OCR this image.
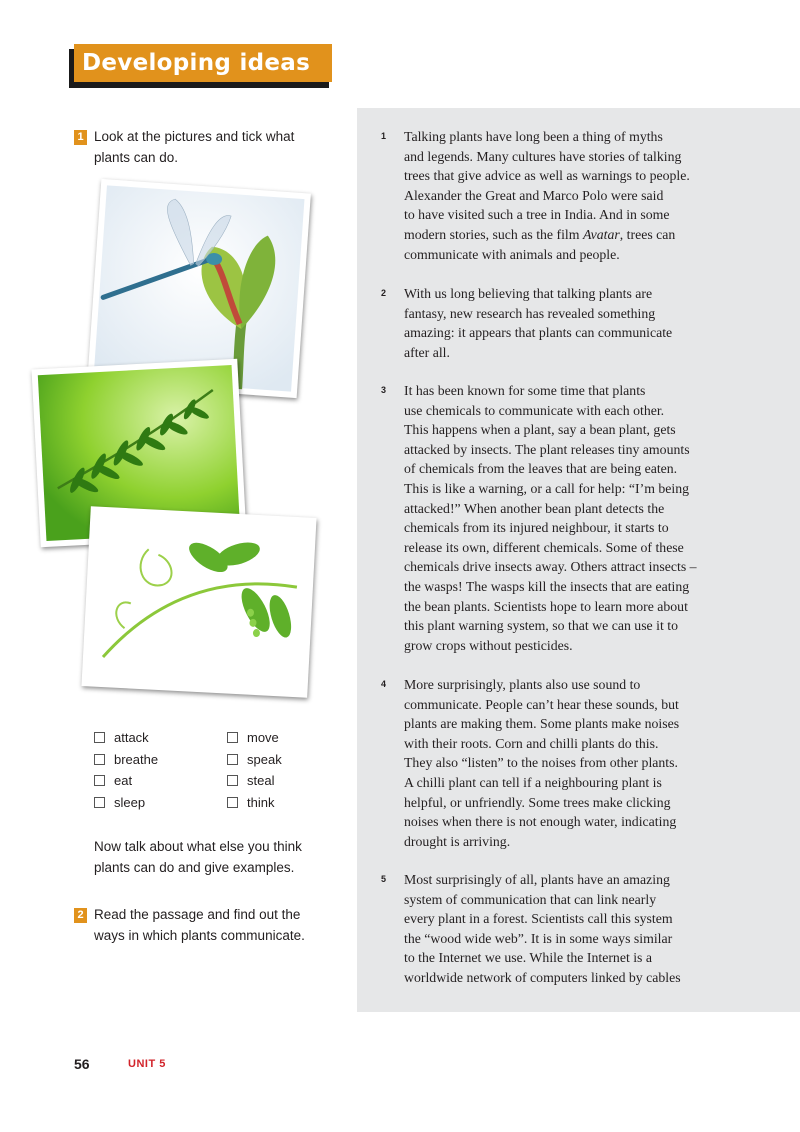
Developing ideas
1 Look at the pictures and tick what
plants can do.
attack
breathe
eat
sleep
move
speak
steal
think
Now talk about what else you think
plants can do and give examples.
2 Read the passage and find out the
ways in which plants communicate.
1 Talking plants have long been a thing of myths
and legends. Many cultures have stories of talking
trees that give advice as well as warnings to people.
Alexander the Great and Marco Polo were said
to have visited such a tree in India. And in some
modern stories, such as the film Avatar, trees can
communicate with animals and people.
2 With us long believing that talking plants are
fantasy, new research has revealed something
amazing: it appears that plants can communicate
after all.
3 It has been known for some time that plants
use chemicals to communicate with each other.
This happens when a plant, say a bean plant, gets
attacked by insects. The plant releases tiny amounts
of chemicals from the leaves that are being eaten.
This is like a warning, or a call for help: “I’m being
attacked!” When another bean plant detects the
chemicals from its injured neighbour, it starts to
release its own, different chemicals. Some of these
chemicals drive insects away. Others attract insects –
the wasps! The wasps kill the insects that are eating
the bean plants. Scientists hope to learn more about
this plant warning system, so that we can use it to
grow crops without pesticides.
4 More surprisingly, plants also use sound to
communicate. People can’t hear these sounds, but
plants are making them. Some plants make noises
with their roots. Corn and chilli plants do this.
They also “listen” to the noises from other plants.
A chilli plant can tell if a neighbouring plant is
helpful, or unfriendly. Some trees make clicking
noises when there is not enough water, indicating
drought is arriving.
5 Most surprisingly of all, plants have an amazing
system of communication that can link nearly
every plant in a forest. Scientists call this system
the “wood wide web”. It is in some ways similar
to the Internet we use. While the Internet is a
worldwide network of computers linked by cables
56	UNIT 5
